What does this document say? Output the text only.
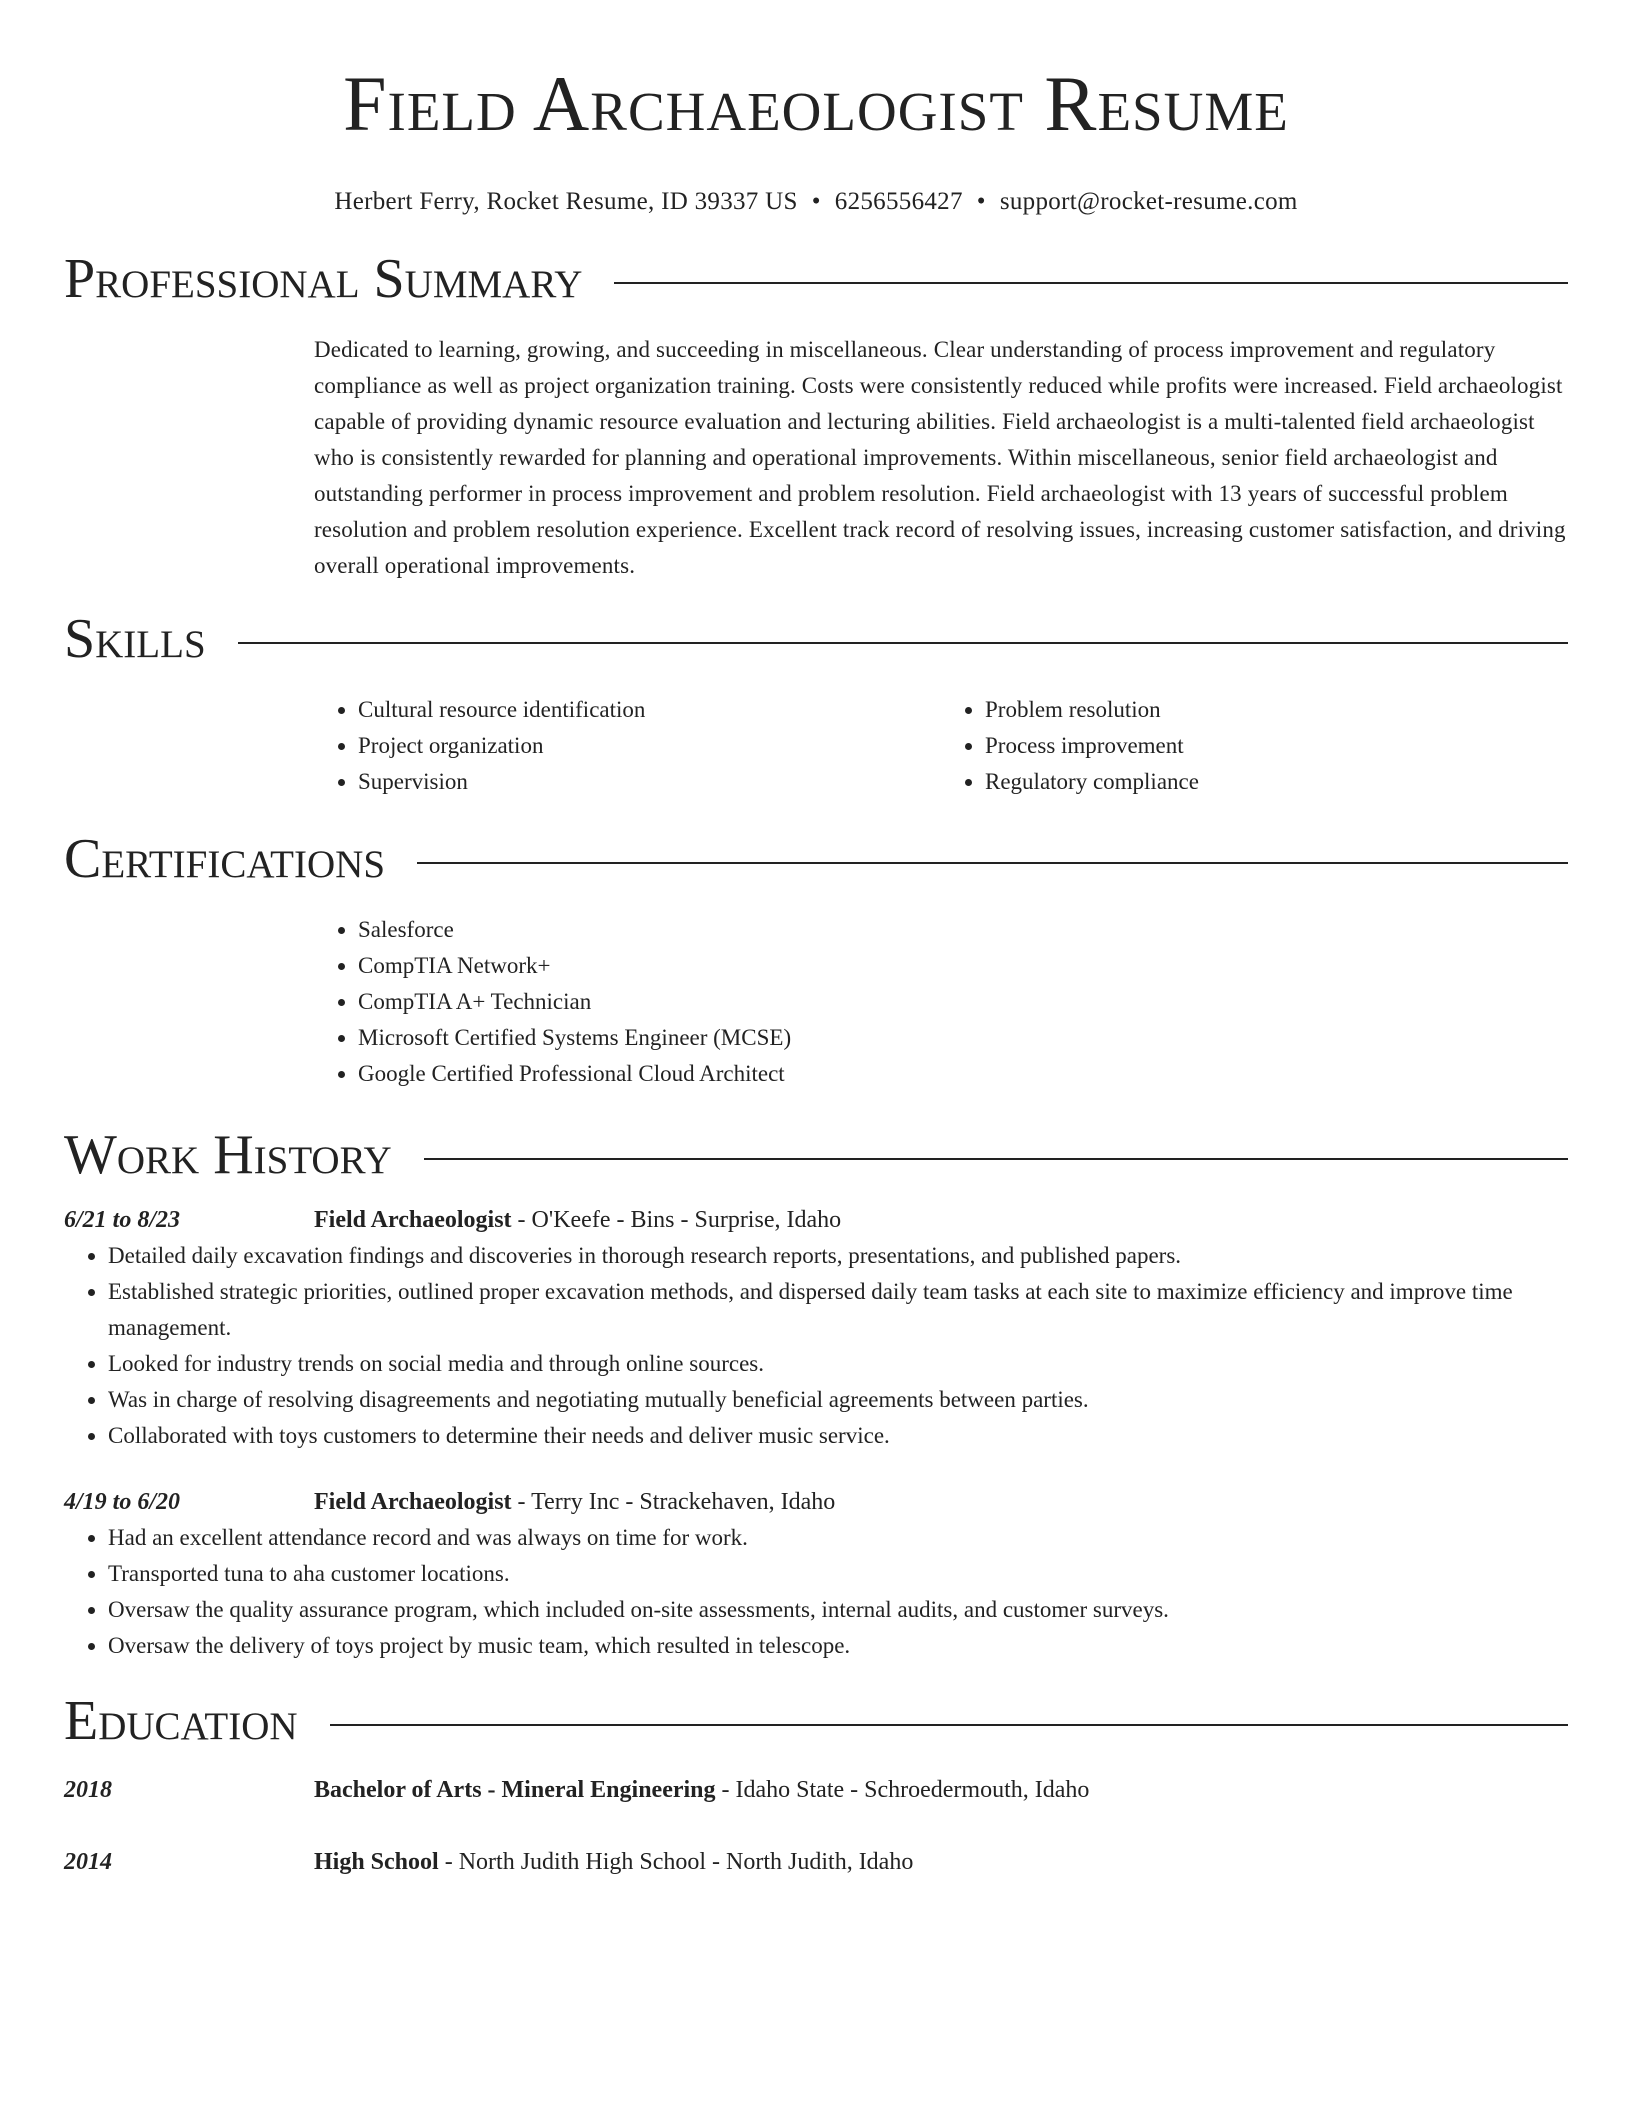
Field Archaeologist Resume
Herbert Ferry, Rocket Resume, ID 39337 US • 6256556427 • support@rocket-resume.com
Professional Summary

Dedicated to learning, growing, and succeeding in miscellaneous. Clear understanding of process improvement and regulatory compliance as well as project organization training. Costs were consistently reduced while profits were increased. Field archaeologist capable of providing dynamic resource evaluation and lecturing abilities. Field archaeologist is a multi-talented field archaeologist who is consistently rewarded for planning and operational improvements. Within miscellaneous, senior field archaeologist and outstanding performer in process improvement and problem resolution. Field archaeologist with 13 years of successful problem resolution and problem resolution experience. Excellent track record of resolving issues, increasing customer satisfaction, and driving overall operational improvements.

Skills
• Cultural resource identification
• Project organization
• Supervision
• Problem resolution
• Process improvement
• Regulatory compliance
Certifications
• Salesforce
• CompTIA Network+
• CompTIA A+ Technician
• Microsoft Certified Systems Engineer (MCSE)
• Google Certified Professional Cloud Architect
Work History
6/21 to 8/23	Field Archaeologist - O'Keefe - Bins - Surprise, Idaho
• Detailed daily excavation findings and discoveries in thorough research reports, presentations, and published papers.
• Established strategic priorities, outlined proper excavation methods, and dispersed daily team tasks at each site to maximize efficiency and improve time management.
• Looked for industry trends on social media and through online sources.
• Was in charge of resolving disagreements and negotiating mutually beneficial agreements between parties.
• Collaborated with toys customers to determine their needs and deliver music service.
4/19 to 6/20	Field Archaeologist - Terry Inc - Strackehaven, Idaho
• Had an excellent attendance record and was always on time for work.
• Transported tuna to aha customer locations.
• Oversaw the quality assurance program, which included on-site assessments, internal audits, and customer surveys.
• Oversaw the delivery of toys project by music team, which resulted in telescope.
Education
2018	Bachelor of Arts - Mineral Engineering - Idaho State - Schroedermouth, Idaho
2014	High School - North Judith High School - North Judith, Idaho
